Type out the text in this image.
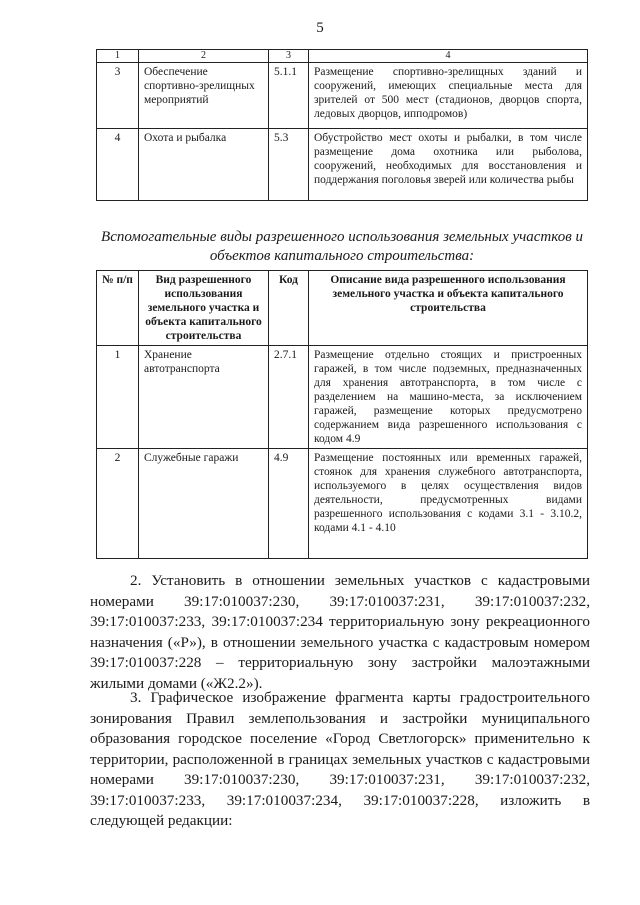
5
1	2	3	4
3	Обеспечение спортивно-зрелищных мероприятий	5.1.1	Размещение спортивно-зрелищных зданий и сооружений, имеющих специальные места для зрителей от 500 мест (стадионов, дворцов спорта, ледовых дворцов, ипподромов)
4	Охота и рыбалка	5.3	Обустройство мест охоты и рыбалки, в том числе размещение дома охотника или рыболова, сооружений, необходимых для восстановления и поддержания поголовья зверей или количества рыбы
Вспомогательные виды разрешенного использования земельных участков и объектов капитального строительства:
№ п/п	Вид разрешенного использования земельного участка и объекта капитального строительства	Код	Описание вида разрешенного использования земельного участка и объекта капитального строительства
1	Хранение автотранспорта	2.7.1	Размещение отдельно стоящих и пристроенных гаражей, в том числе подземных, предназначенных для хранения автотранспорта, в том числе с разделением на машино-места, за исключением гаражей, размещение которых предусмотрено содержанием вида разрешенного использования с кодом 4.9
2	Служебные гаражи	4.9	Размещение постоянных или временных гаражей, стоянок для хранения служебного автотранспорта, используемого в целях осуществления видов деятельности, предусмотренных видами разрешенного использования с кодами 3.1 - 3.10.2, кодами 4.1 - 4.10
2. Установить в отношении земельных участков с кадастровыми номерами 39:17:010037:230, 39:17:010037:231, 39:17:010037:232, 39:17:010037:233, 39:17:010037:234 территориальную зону рекреационного назначения («Р»), в отношении земельного участка с кадастровым номером 39:17:010037:228 – территориальную зону застройки малоэтажными жилыми домами («Ж2.2»).
3. Графическое изображение фрагмента карты градостроительного зонирования Правил землепользования и застройки муниципального образования городское поселение «Город Светлогорск» применительно к территории, расположенной в границах земельных участков с кадастровыми номерами 39:17:010037:230, 39:17:010037:231, 39:17:010037:232, 39:17:010037:233, 39:17:010037:234, 39:17:010037:228, изложить в следующей редакции:
